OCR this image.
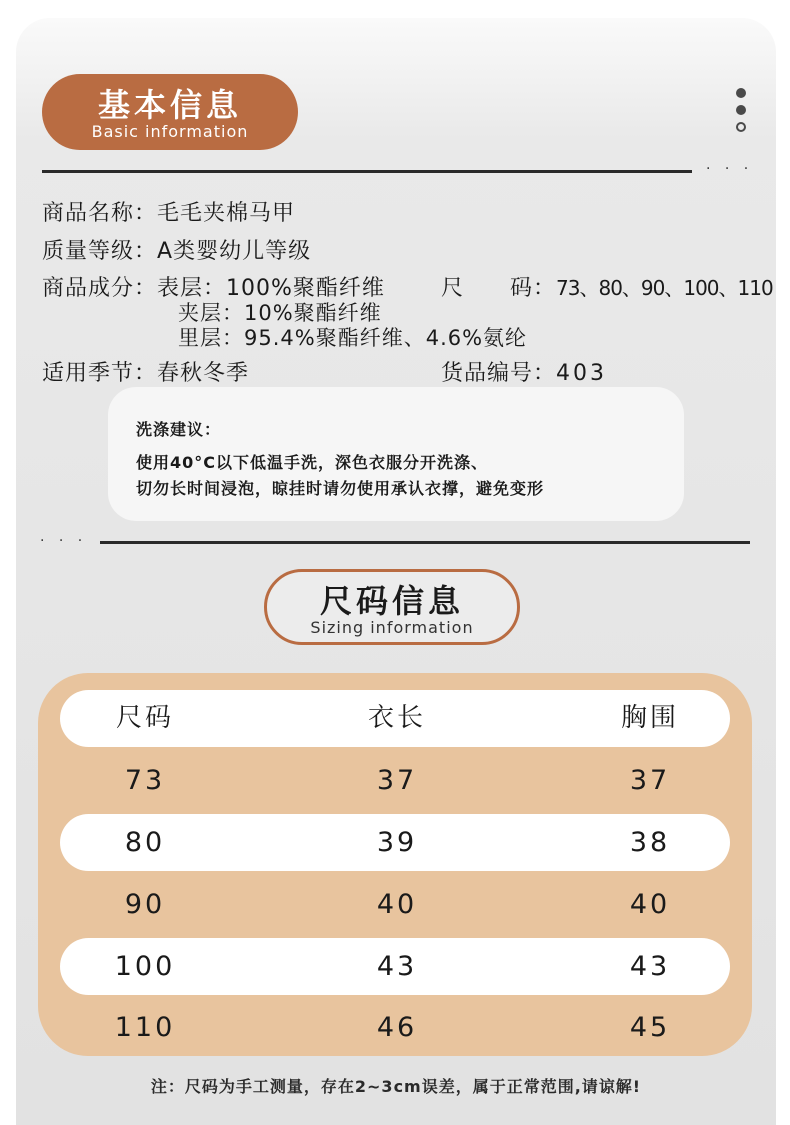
基本信息
Basic information
· · ·
商品名称：毛毛夹棉马甲
质量等级：A类婴幼儿等级
商品成分：表层：100%聚酯纤维
夹层：10%聚酯纤维
里层：95.4%聚酯纤维、4.6%氨纶
尺　　码：73、80、90、100、110
适用季节：春秋冬季	货品编号：403
洗涤建议：
使用40°C以下低温手洗，深色衣服分开洗涤、
切勿长时间浸泡，晾挂时请勿使用承认衣撑，避免变形
· · ·
尺码信息
Sizing information
尺码	衣长	胸围
73	37	37
80	39	38
90	40	40
100	43	43
110	46	45
注：尺码为手工测量，存在2~3cm误差，属于正常范围,请谅解!
